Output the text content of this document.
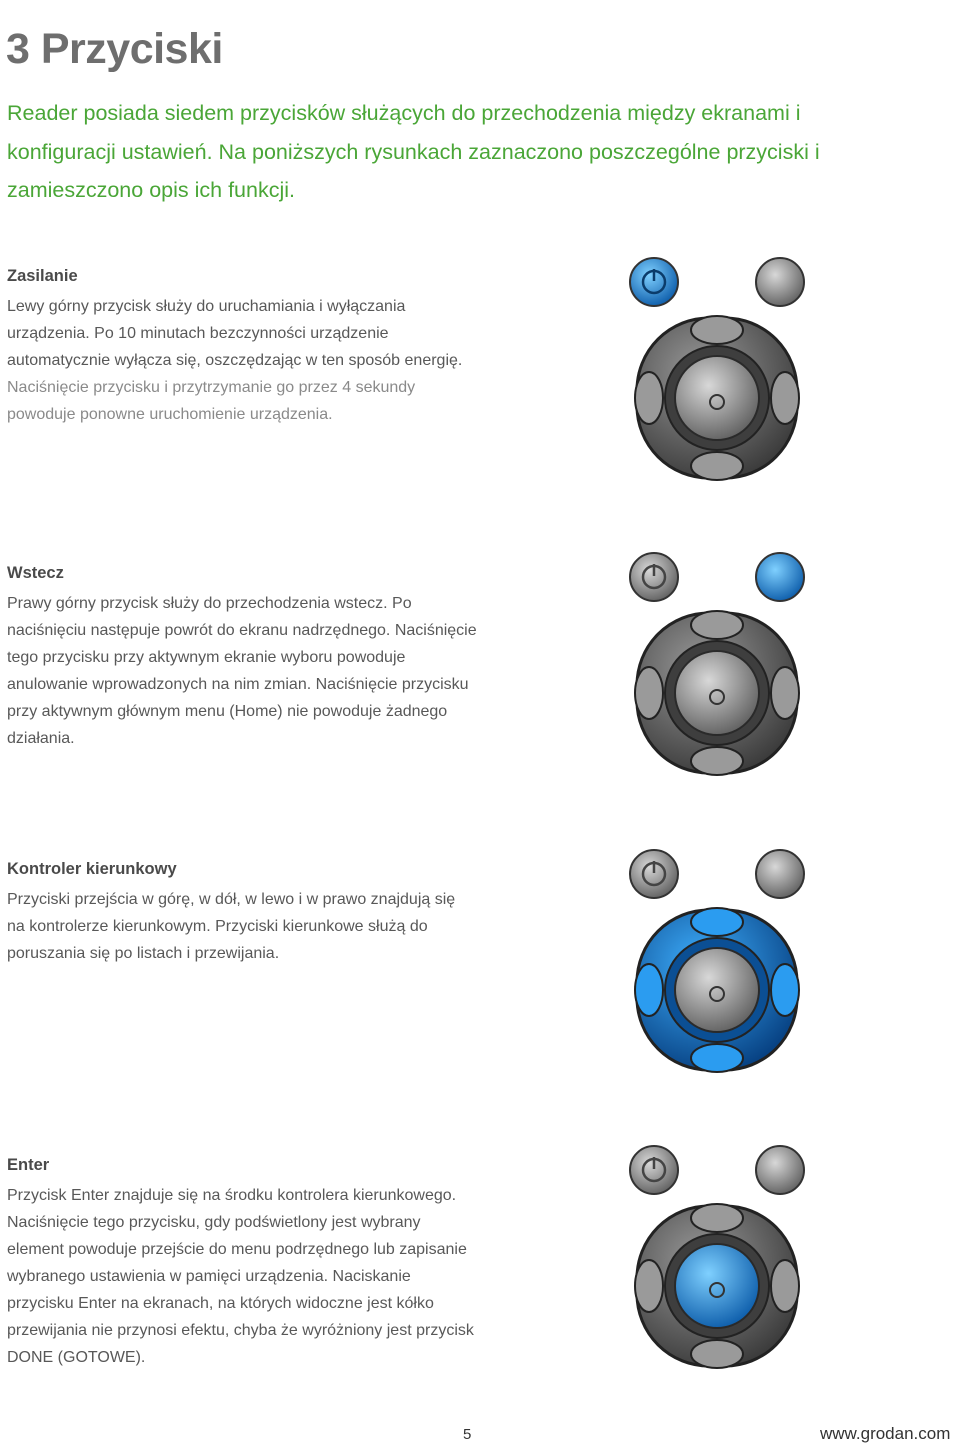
3 Przyciski
Reader posiada siedem przycisków służących do przechodzenia między ekranami i konfiguracji ustawień. Na poniższych rysunkach zaznaczono poszczególne przyciski i zamieszczono opis ich funkcji.
Zasilanie

Lewy górny przycisk służy do uruchamiania i wyłączania urządzenia. Po 10 minutach bezczynności urządzenie automatycznie wyłącza się, oszczędzając w ten sposób energię. Naciśnięcie przycisku i przytrzymanie go przez 4 sekundy powoduje ponowne uruchomienie urządzenia.

Wstecz

Prawy górny przycisk służy do przechodzenia wstecz. Po naciśnięciu następuje powrót do ekranu nadrzędnego. Naciśnięcie tego przycisku przy aktywnym ekranie wyboru powoduje anulowanie wprowadzonych na nim zmian. Naciśnięcie przycisku przy aktywnym głównym menu (Home) nie powoduje żadnego działania.

Kontroler kierunkowy

Przyciski przejścia w górę, w dół, w lewo i w prawo znajdują się na kontrolerze kierunkowym. Przyciski kierunkowe służą do poruszania się po listach i przewijania.

Enter

Przycisk Enter znajduje się na środku kontrolera kierunkowego. Naciśnięcie tego przycisku, gdy podświetlony jest wybrany element powoduje przejście do menu podrzędnego lub zapisanie wybranego ustawienia w pamięci urządzenia. Naciskanie przycisku Enter na ekranach, na których widoczne jest kółko przewijania nie przynosi efektu, chyba że wyróżniony jest przycisk DONE (GOTOWE).

5	www.grodan.com
